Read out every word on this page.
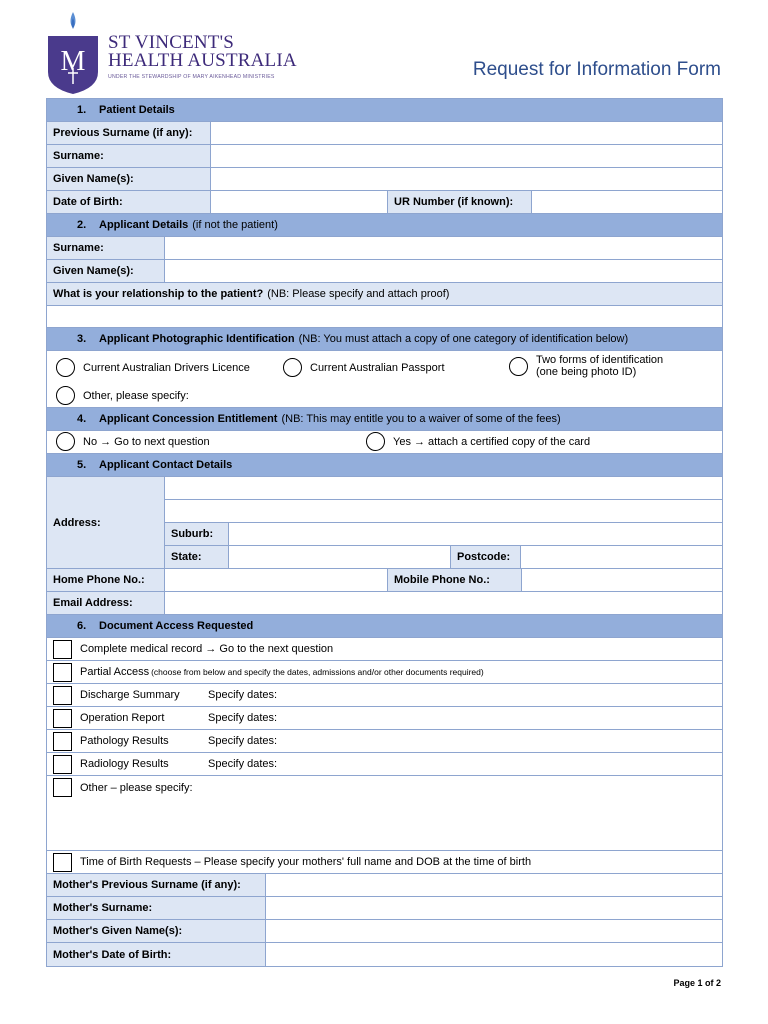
M
ST VINCENT'S
HEALTH AUSTRALIA
UNDER THE STEWARDSHIP OF MARY AIKENHEAD MINISTRIES	Request for Information Form
1.	Patient Details
Previous Surname (if any):
Surname:
Given Name(s):
Date of Birth:	UR Number (if known):
2.	Applicant Details (if not the patient)
Surname:
Given Name(s):
What is your relationship to the patient? (NB: Please specify and attach proof)
3.	Applicant Photographic Identification (NB: You must attach a copy of one category of identification below)
Current Australian Drivers Licence	Current Australian Passport
Two forms of identification
(one being photo ID)
Other, please specify:
4.	Applicant Concession Entitlement (NB: This may entitle you to a waiver of some of the fees)
No → Go to next question	Yes → attach a certified copy of the card
5.	Applicant Contact Details
Address:
Suburb:
State:	Postcode:
Home Phone No.:	Mobile Phone No.:
Email Address:
6.	Document Access Requested
Complete medical record → Go to the next question
Partial Access (choose from below and specify the dates, admissions and/or other documents required)
Discharge Summary	Specify dates:
Operation Report	Specify dates:
Pathology Results	Specify dates:
Radiology Results	Specify dates:
Other – please specify:
Time of Birth Requests – Please specify your mothers' full name and DOB at the time of birth
Mother's Previous Surname (if any):
Mother's Surname:
Mother's Given Name(s):
Mother's Date of Birth:
Page 1 of 2
